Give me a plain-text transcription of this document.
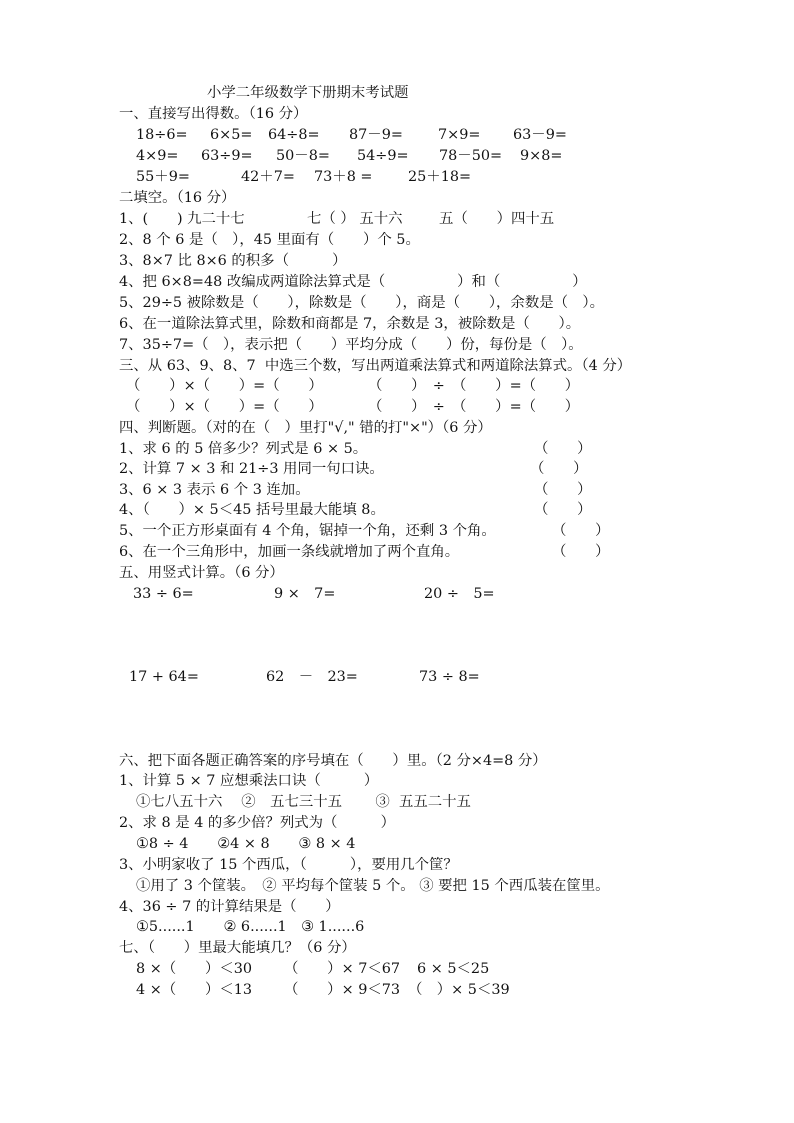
小学二年级数学下册期末考试题
一、直接写出得数。（16 分）
18÷6= 6×5= 64÷8= 87－9= 7×9= 63－9=
4×9= 63÷9= 50－8= 54÷9= 78－50= 9×8=
55＋9=	42＋7= 73＋8 = 25＋18=
二填空。（16 分）
1、(　　) 九二十七	七（ ） 五十六	五（　　）四十五
2、8 个 6 是（　），45 里面有（　　）个 5。
3、8×7 比 8×6 的积多（　　　）
4、把 6×8=48 改编成两道除法算式是（　　　　　）和（　　　　　）
5、29÷5 被除数是（　　），除数是（　　），商是（　　），余数是（　）。
6、在一道除法算式里，除数和商都是 7，余数是 3，被除数是（　　）。
7、35÷7=（　），表示把（　　）平均分成（　　）份，每份是（　）。
三、从 63、9、8、7  中选三个数，写出两道乘法算式和两道除法算式。（4 分）
（　　）×（　　）=（　　）	（　　）　÷　（　　）=（　　）
（　　）×（　　）=（　　）	（　　）　÷　（　　）=（　　）
四、判断题。（对的在（　）里打"√," 错的打"×"）（6 分）
1、求 6 的 5 倍多少？列式是 6 × 5。	（　　）
2、计算 7 × 3 和 21÷3 用同一句口诀。	（　　）
3、6 × 3 表示 6 个 3 连加。	（　　）
4、（　　）× 5＜45 括号里最大能填 8。	（　　）
5、一个正方形桌面有 4 个角，锯掉一个角，还剩 3 个角。	（　　）
6、在一个三角形中，加画一条线就增加了两个直角。	（　　）
五、用竖式计算。（6 分）
33 ÷ 6=	9 ×　7=	20 ÷　5=
17 + 64=	62　－　23=	73 ÷ 8=
六、把下面各题正确答案的序号填在（　　）里。（2 分×4=8 分）
1、计算 5 × 7 应想乘法口诀（　　　）
①七八五十六　 ②　五七三十五　　 ③  五五二十五
2、求 8 是 4 的多少倍？列式为（　　　）
①8 ÷ 4　　②4 × 8　　③ 8 × 4
3、小明家收了 15 个西瓜，（　　　），要用几个筐？
①用了 3 个筐装。　② 平均每个筐装 5 个。 ③ 要把 15 个西瓜装在筐里。
4、36 ÷ 7 的计算结果是（　　）
①5......1　　② 6......1　③ 1......6
七、（　　）里最大能填几？（6 分）
8 ×（　　）＜30 （　　）× 7＜67 6 × 5＜25
4 ×（　　）＜13 （　　）× 9＜73 （　）× 5＜39
